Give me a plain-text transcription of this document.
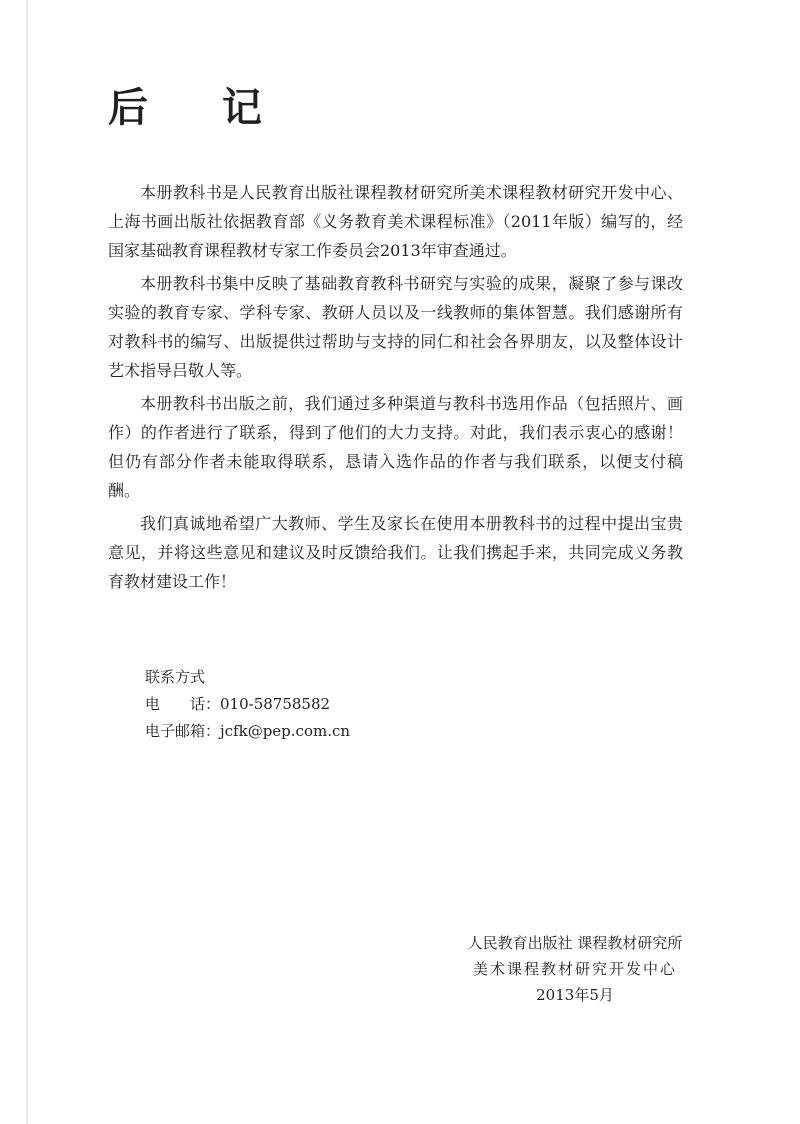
后 记

本册教科书是人民教育出版社课程教材研究所美术课程教材研究开发中心、上海书画出版社依据教育部《义务教育美术课程标准》（2011年版）编写的，经国家基础教育课程教材专家工作委员会2013年审查通过。

本册教科书集中反映了基础教育教科书研究与实验的成果，凝聚了参与课改实验的教育专家、学科专家、教研人员以及一线教师的集体智慧。我们感谢所有对教科书的编写、出版提供过帮助与支持的同仁和社会各界朋友，以及整体设计艺术指导吕敬人等。

本册教科书出版之前，我们通过多种渠道与教科书选用作品（包括照片、画作）的作者进行了联系，得到了他们的大力支持。对此，我们表示衷心的感谢！但仍有部分作者未能取得联系，恳请入选作品的作者与我们联系，以便支付稿酬。

我们真诚地希望广大教师、学生及家长在使用本册教科书的过程中提出宝贵意见，并将这些意见和建议及时反馈给我们。让我们携起手来，共同完成义务教育教材建设工作！

联系方式
电　　话：010-58758582
电子邮箱：jcfk@pep.com.cn
人民教育出版社 课程教材研究所
美术课程教材研究开发中心
2013年5月
